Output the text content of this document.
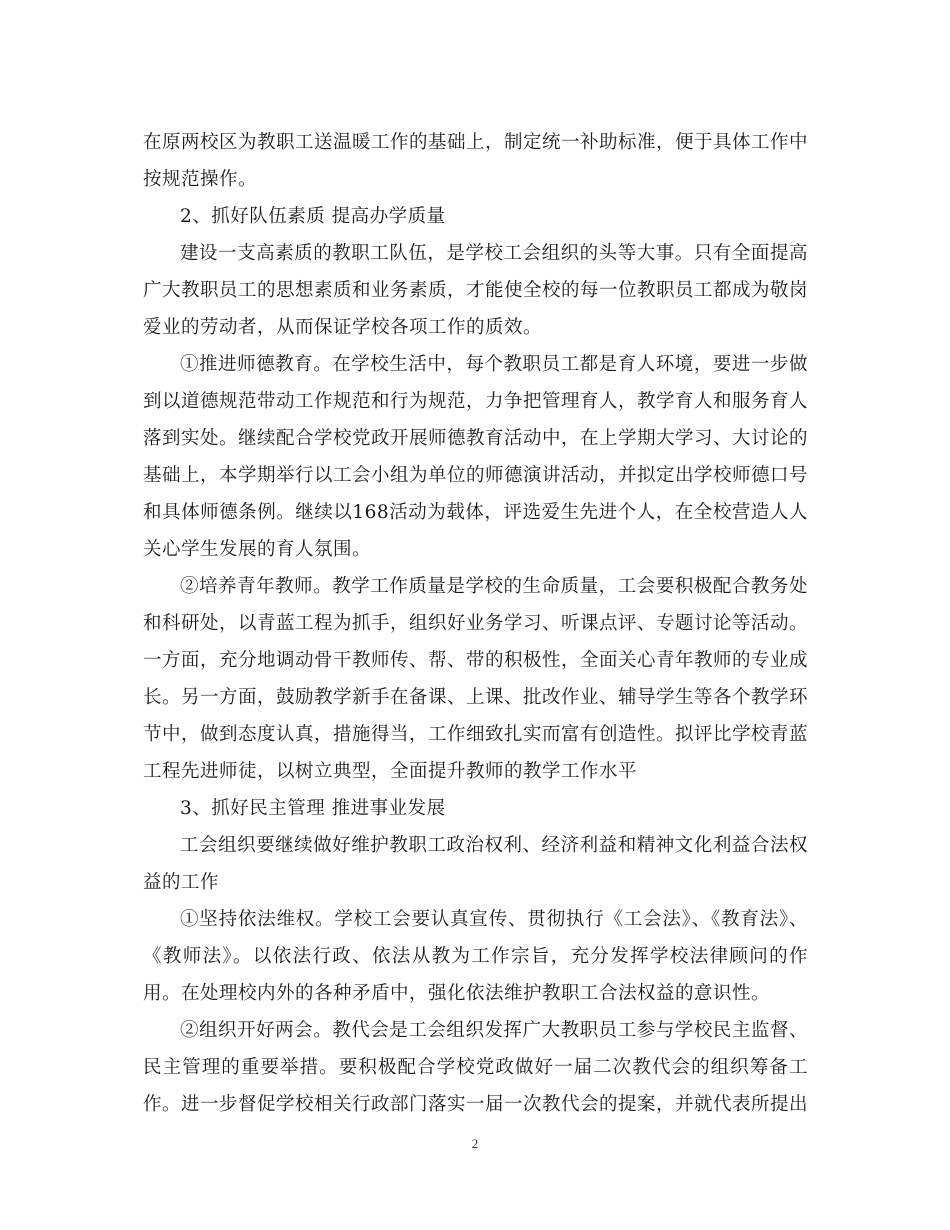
在原两校区为教职工送温暖工作的基础上，制定统一补助标准，便于具体工作中按规范操作。

2、抓好队伍素质 提高办学质量

建设一支高素质的教职工队伍，是学校工会组织的头等大事。只有全面提高广大教职员工的思想素质和业务素质，才能使全校的每一位教职员工都成为敬岗爱业的劳动者，从而保证学校各项工作的质效。

①推进师德教育。在学校生活中，每个教职员工都是育人环境，要进一步做到以道德规范带动工作规范和行为规范，力争把管理育人，教学育人和服务育人落到实处。继续配合学校党政开展师德教育活动中，在上学期大学习、大讨论的基础上，本学期举行以工会小组为单位的师德演讲活动，并拟定出学校师德口号和具体师德条例。继续以168活动为载体，评选爱生先进个人，在全校营造人人关心学生发展的育人氛围。

②培养青年教师。教学工作质量是学校的生命质量，工会要积极配合教务处和科研处，以青蓝工程为抓手，组织好业务学习、听课点评、专题讨论等活动。一方面，充分地调动骨干教师传、帮、带的积极性，全面关心青年教师的专业成长。另一方面，鼓励教学新手在备课、上课、批改作业、辅导学生等各个教学环节中，做到态度认真，措施得当，工作细致扎实而富有创造性。拟评比学校青蓝工程先进师徒，以树立典型，全面提升教师的教学工作水平

3、抓好民主管理 推进事业发展

工会组织要继续做好维护教职工政治权利、经济利益和精神文化利益合法权益的工作

①坚持依法维权。学校工会要认真宣传、贯彻执行《工会法》、《教育法》、《教师法》。以依法行政、依法从教为工作宗旨，充分发挥学校法律顾问的作用。在处理校内外的各种矛盾中，强化依法维护教职工合法权益的意识性。

②组织开好两会。教代会是工会组织发挥广大教职员工参与学校民主监督、民主管理的重要举措。要积极配合学校党政做好一届二次教代会的组织筹备工作。进一步督促学校相关行政部门落实一届一次教代会的提案，并就代表所提出

2
